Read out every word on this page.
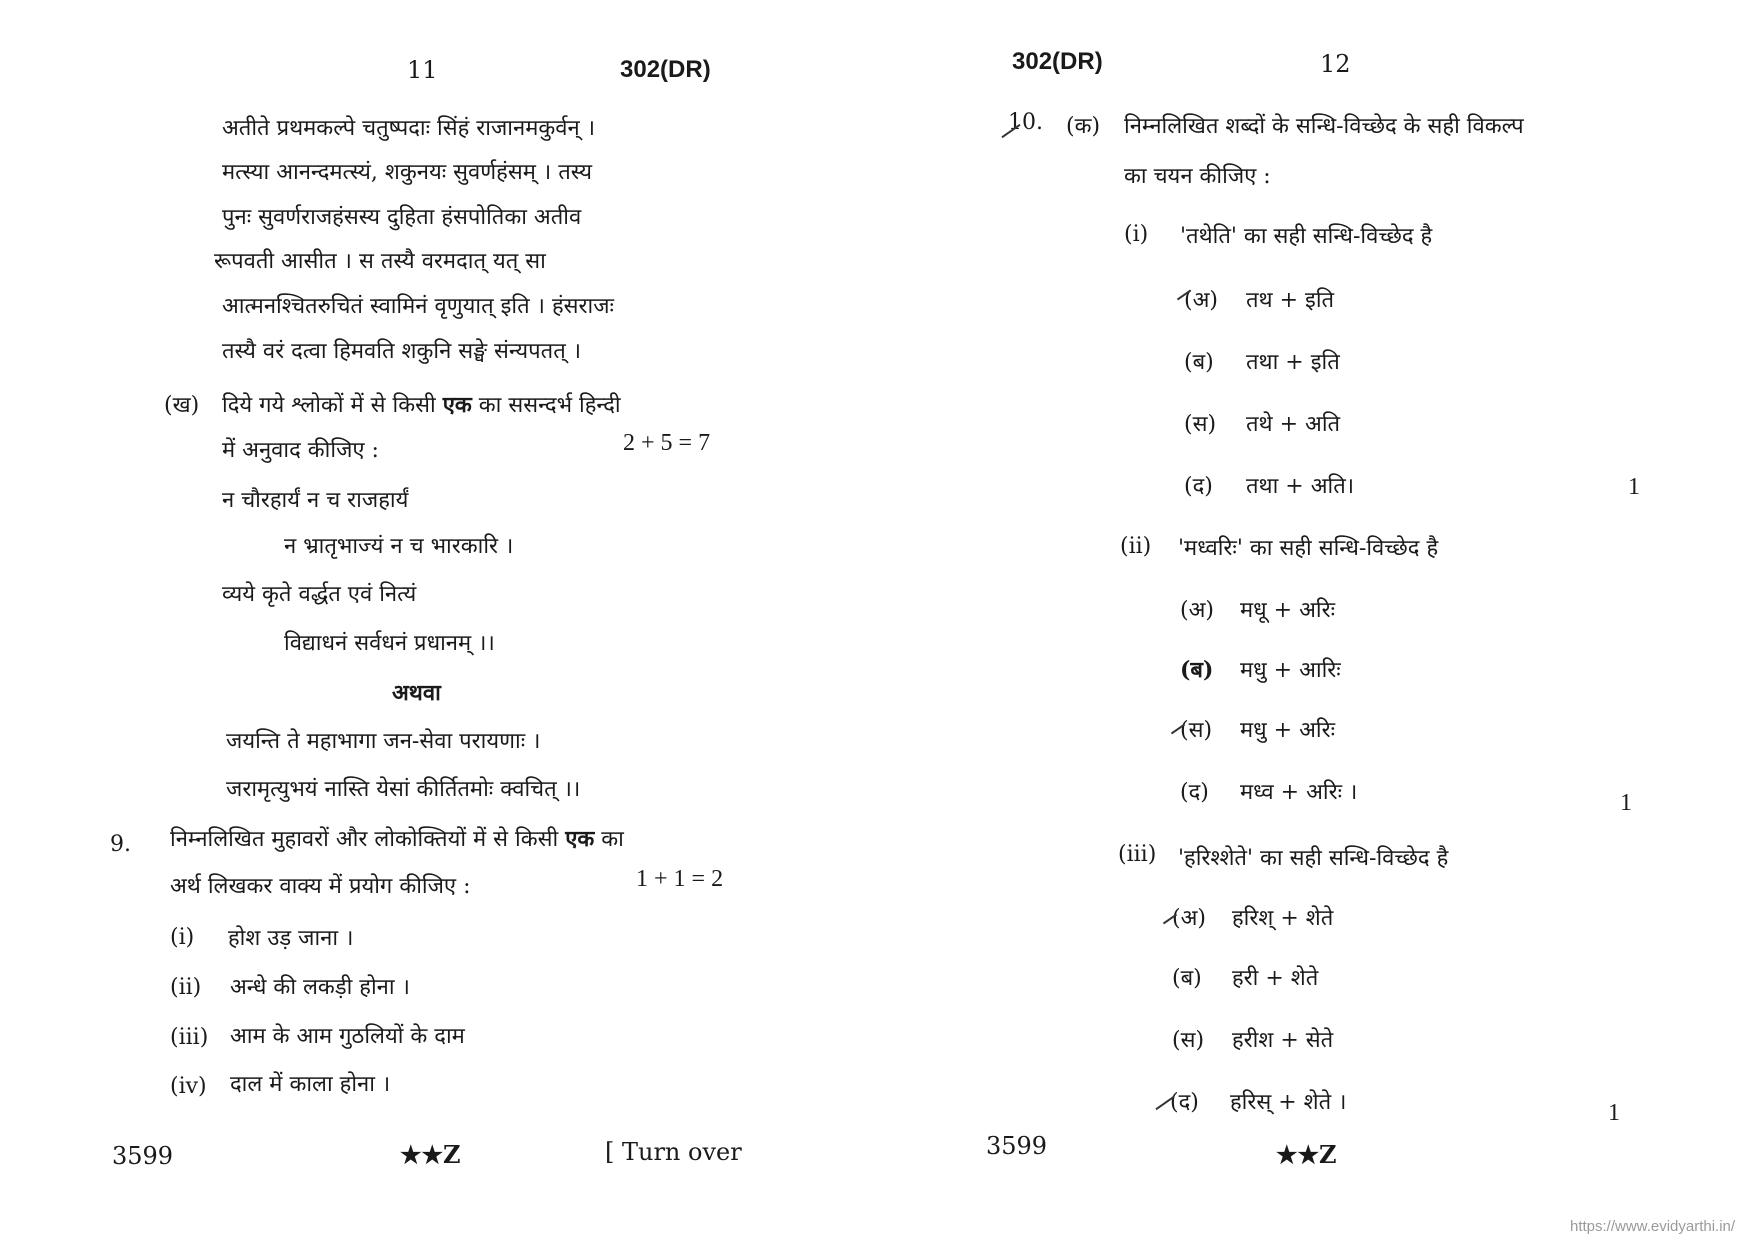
11	302(DR)
अतीते प्रथमकल्पे चतुष्पदाः सिंहं राजानमकुर्वन् ।
मत्स्या आनन्दमत्स्यं, शकुनयः सुवर्णहंसम् । तस्य
पुनः सुवर्णराजहंसस्य दुहिता हंसपोतिका अतीव
रूपवती आसीत । स तस्यै वरमदात् यत् सा
आत्मनश्चितरुचितं स्वामिनं वृणुयात् इति । हंसराजः
तस्यै वरं दत्वा हिमवति शकुनि सङ्घे संन्यपतत् ।
(ख) दिये गये श्लोकों में से किसी एक का ससन्दर्भ हिन्दी
में अनुवाद कीजिए :	2 + 5 = 7
न चौरहार्यं न च राजहार्यं
न भ्रातृभाज्यं न च भारकारि ।
व्यये कृते वर्द्धत एवं नित्यं
विद्याधनं सर्वधनं प्रधानम् ।।
अथवा
जयन्ति ते महाभागा जन-सेवा परायणाः ।
जरामृत्युभयं नास्ति येसां कीर्तितमोः क्वचित् ।।
9. निम्नलिखित मुहावरों और लोकोक्तियों में से किसी एक का
अर्थ लिखकर वाक्य में प्रयोग कीजिए :	1 + 1 = 2
(i) होश उड़ जाना ।
(ii) अन्धे की लकड़ी होना ।
(iii) आम के आम गुठलियों के दाम
(iv) दाल में काला होना ।
3599	★★Z	[ Turn over
302(DR)	12
10. (क) निम्नलिखित शब्दों के सन्धि-विच्छेद के सही विकल्प
का चयन कीजिए :
(i) 'तथेति' का सही सन्धि-विच्छेद है
(अ) तथ + इति
(ब) तथा + इति
(स) तथे + अति
(द) तथा + अति।	1
(ii) 'मध्वरिः' का सही सन्धि-विच्छेद है
(अ) मधू + अरिः
(ब) मधु + आरिः
(स) मधु + अरिः
(द) मध्व + अरिः ।	1
(iii) 'हरिश्शेते' का सही सन्धि-विच्छेद है
(अ) हरिश् + शेते
(ब) हरी + शेते
(स) हरीश + सेते
(द) हरिस् + शेते ।	1
3599	★★Z
https://www.evidyarthi.in/
